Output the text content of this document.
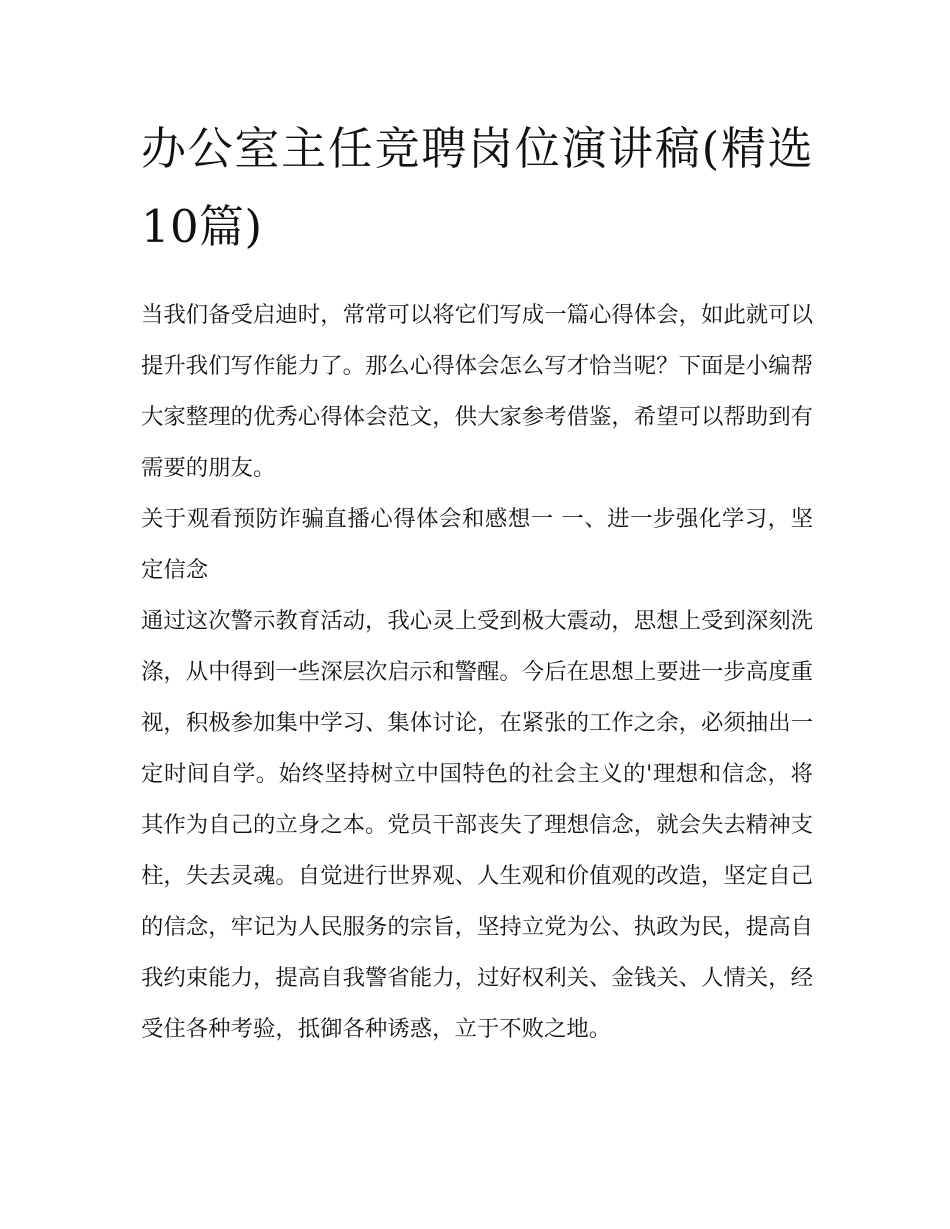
办公室主任竞聘岗位演讲稿(精选10篇)

当我们备受启迪时，常常可以将它们写成一篇心得体会，如此就可以提升我们写作能力了。那么心得体会怎么写才恰当呢？下面是小编帮大家整理的优秀心得体会范文，供大家参考借鉴，希望可以帮助到有需要的朋友。

关于观看预防诈骗直播心得体会和感想一 一、进一步强化学习，坚定信念

通过这次警示教育活动，我心灵上受到极大震动，思想上受到深刻洗涤，从中得到一些深层次启示和警醒。今后在思想上要进一步高度重视，积极参加集中学习、集体讨论，在紧张的工作之余，必须抽出一定时间自学。始终坚持树立中国特色的社会主义的'理想和信念，将其作为自己的立身之本。党员干部丧失了理想信念，就会失去精神支柱，失去灵魂。自觉进行世界观、人生观和价值观的改造，坚定自己的信念，牢记为人民服务的宗旨，坚持立党为公、执政为民，提高自我约束能力，提高自我警省能力，过好权利关、金钱关、人情关，经受住各种考验，抵御各种诱惑，立于不败之地。
